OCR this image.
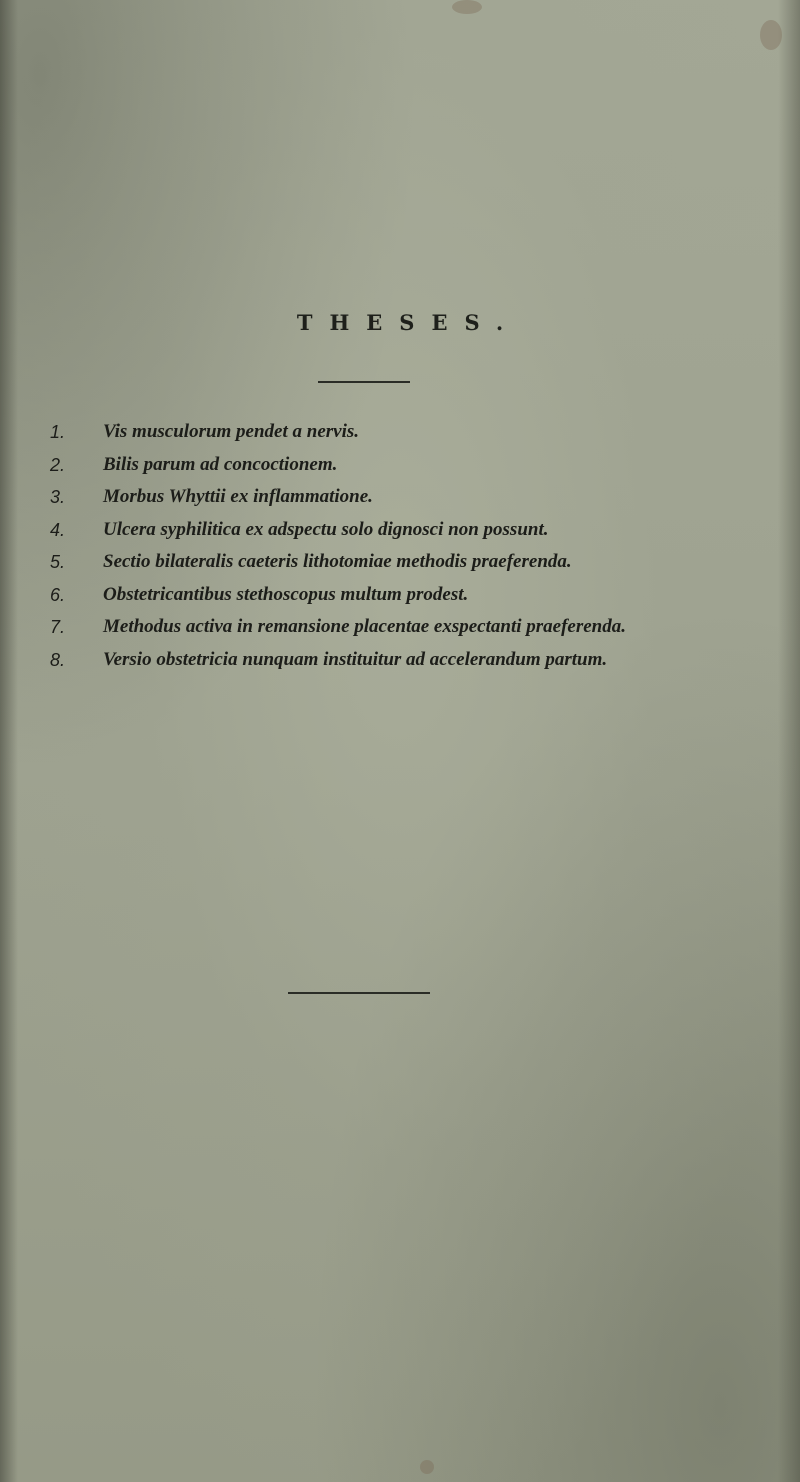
THESES.
1. Vis musculorum pendet a nervis.
2. Bilis parum ad concoctionem.
3. Morbus Whyttii ex inflammatione.
4. Ulcera syphilitica ex adspectu solo dignosci non possunt.
5. Sectio bilateralis caeteris lithotomiae methodis praeferenda.
6. Obstetricantibus stethoscopus multum prodest.
7. Methodus activa in remansione placentae exspectanti praeferenda.
8. Versio obstetricia nunquam instituitur ad accelerandum partum.
